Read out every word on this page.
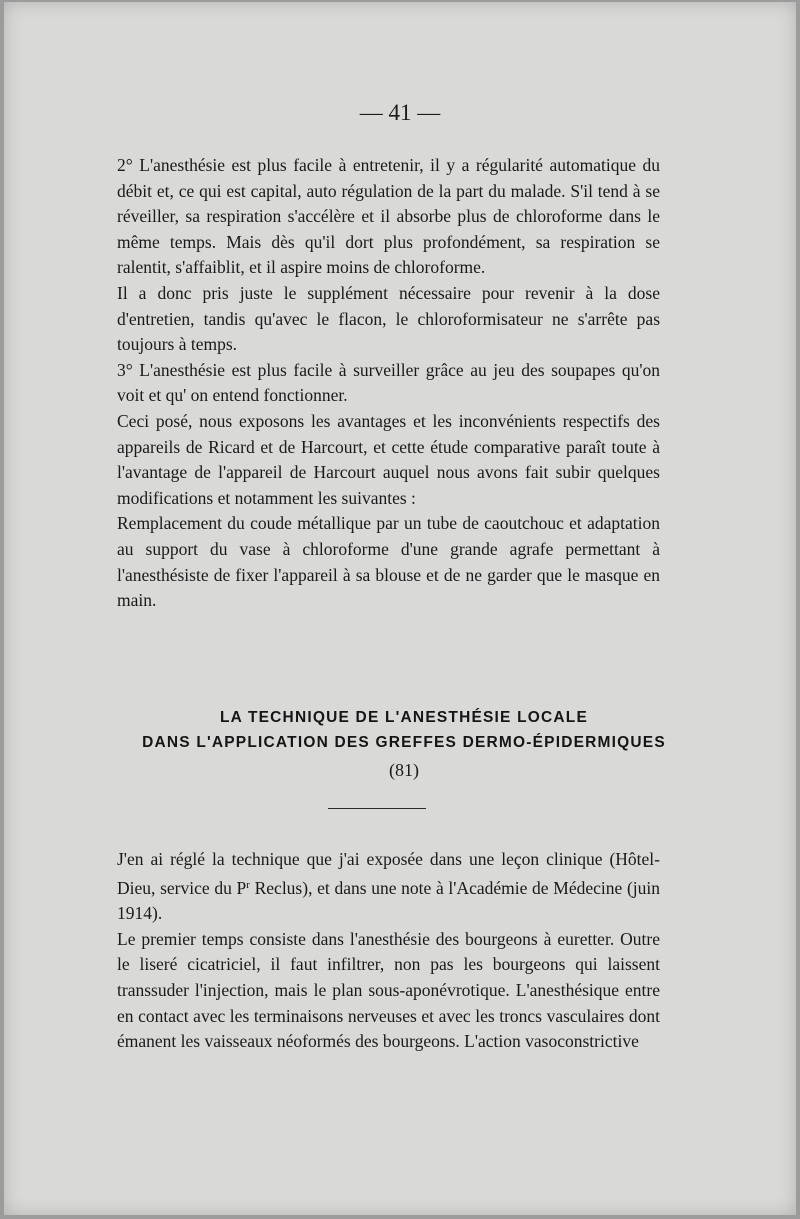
— 41 —

2° L'anesthésie est plus facile à entretenir, il y a régularité automatique du débit et, ce qui est capital, auto régulation de la part du malade. S'il tend à se réveiller, sa respiration s'accélère et il absorbe plus de chloroforme dans le même temps. Mais dès qu'il dort plus profondément, sa respiration se ralentit, s'affaiblit, et il aspire moins de chloroforme.

Il a donc pris juste le supplément nécessaire pour revenir à la dose d'entretien, tandis qu'avec le flacon, le chloroformisateur ne s'arrête pas toujours à temps.

3° L'anesthésie est plus facile à surveiller grâce au jeu des soupapes qu'on voit et qu' on entend fonctionner.

Ceci posé, nous exposons les avantages et les inconvénients respectifs des appareils de Ricard et de Harcourt, et cette étude comparative paraît toute à l'avantage de l'appareil de Harcourt auquel nous avons fait subir quelques modifications et notamment les suivantes :

Remplacement du coude métallique par un tube de caoutchouc et adaptation au support du vase à chloroforme d'une grande agrafe permettant à l'anesthésiste de fixer l'appareil à sa blouse et de ne garder que le masque en main.

LA TECHNIQUE DE L'ANESTHÉSIE LOCALE
DANS L'APPLICATION DES GREFFES DERMO-ÉPIDERMIQUES
(81)

J'en ai réglé la technique que j'ai exposée dans une leçon clinique (Hôtel-Dieu, service du $P^r$ Reclus), et dans une note à l'Académie de Médecine (juin 1914).

Le premier temps consiste dans l'anesthésie des bourgeons à euretter. Outre le liseré cicatriciel, il faut infiltrer, non pas les bourgeons qui laissent transsuder l'injection, mais le plan sous-aponévrotique. L'anesthésique entre en contact avec les terminaisons nerveuses et avec les troncs vasculaires dont émanent les vaisseaux néoformés des bourgeons. L'action vasoconstrictive
